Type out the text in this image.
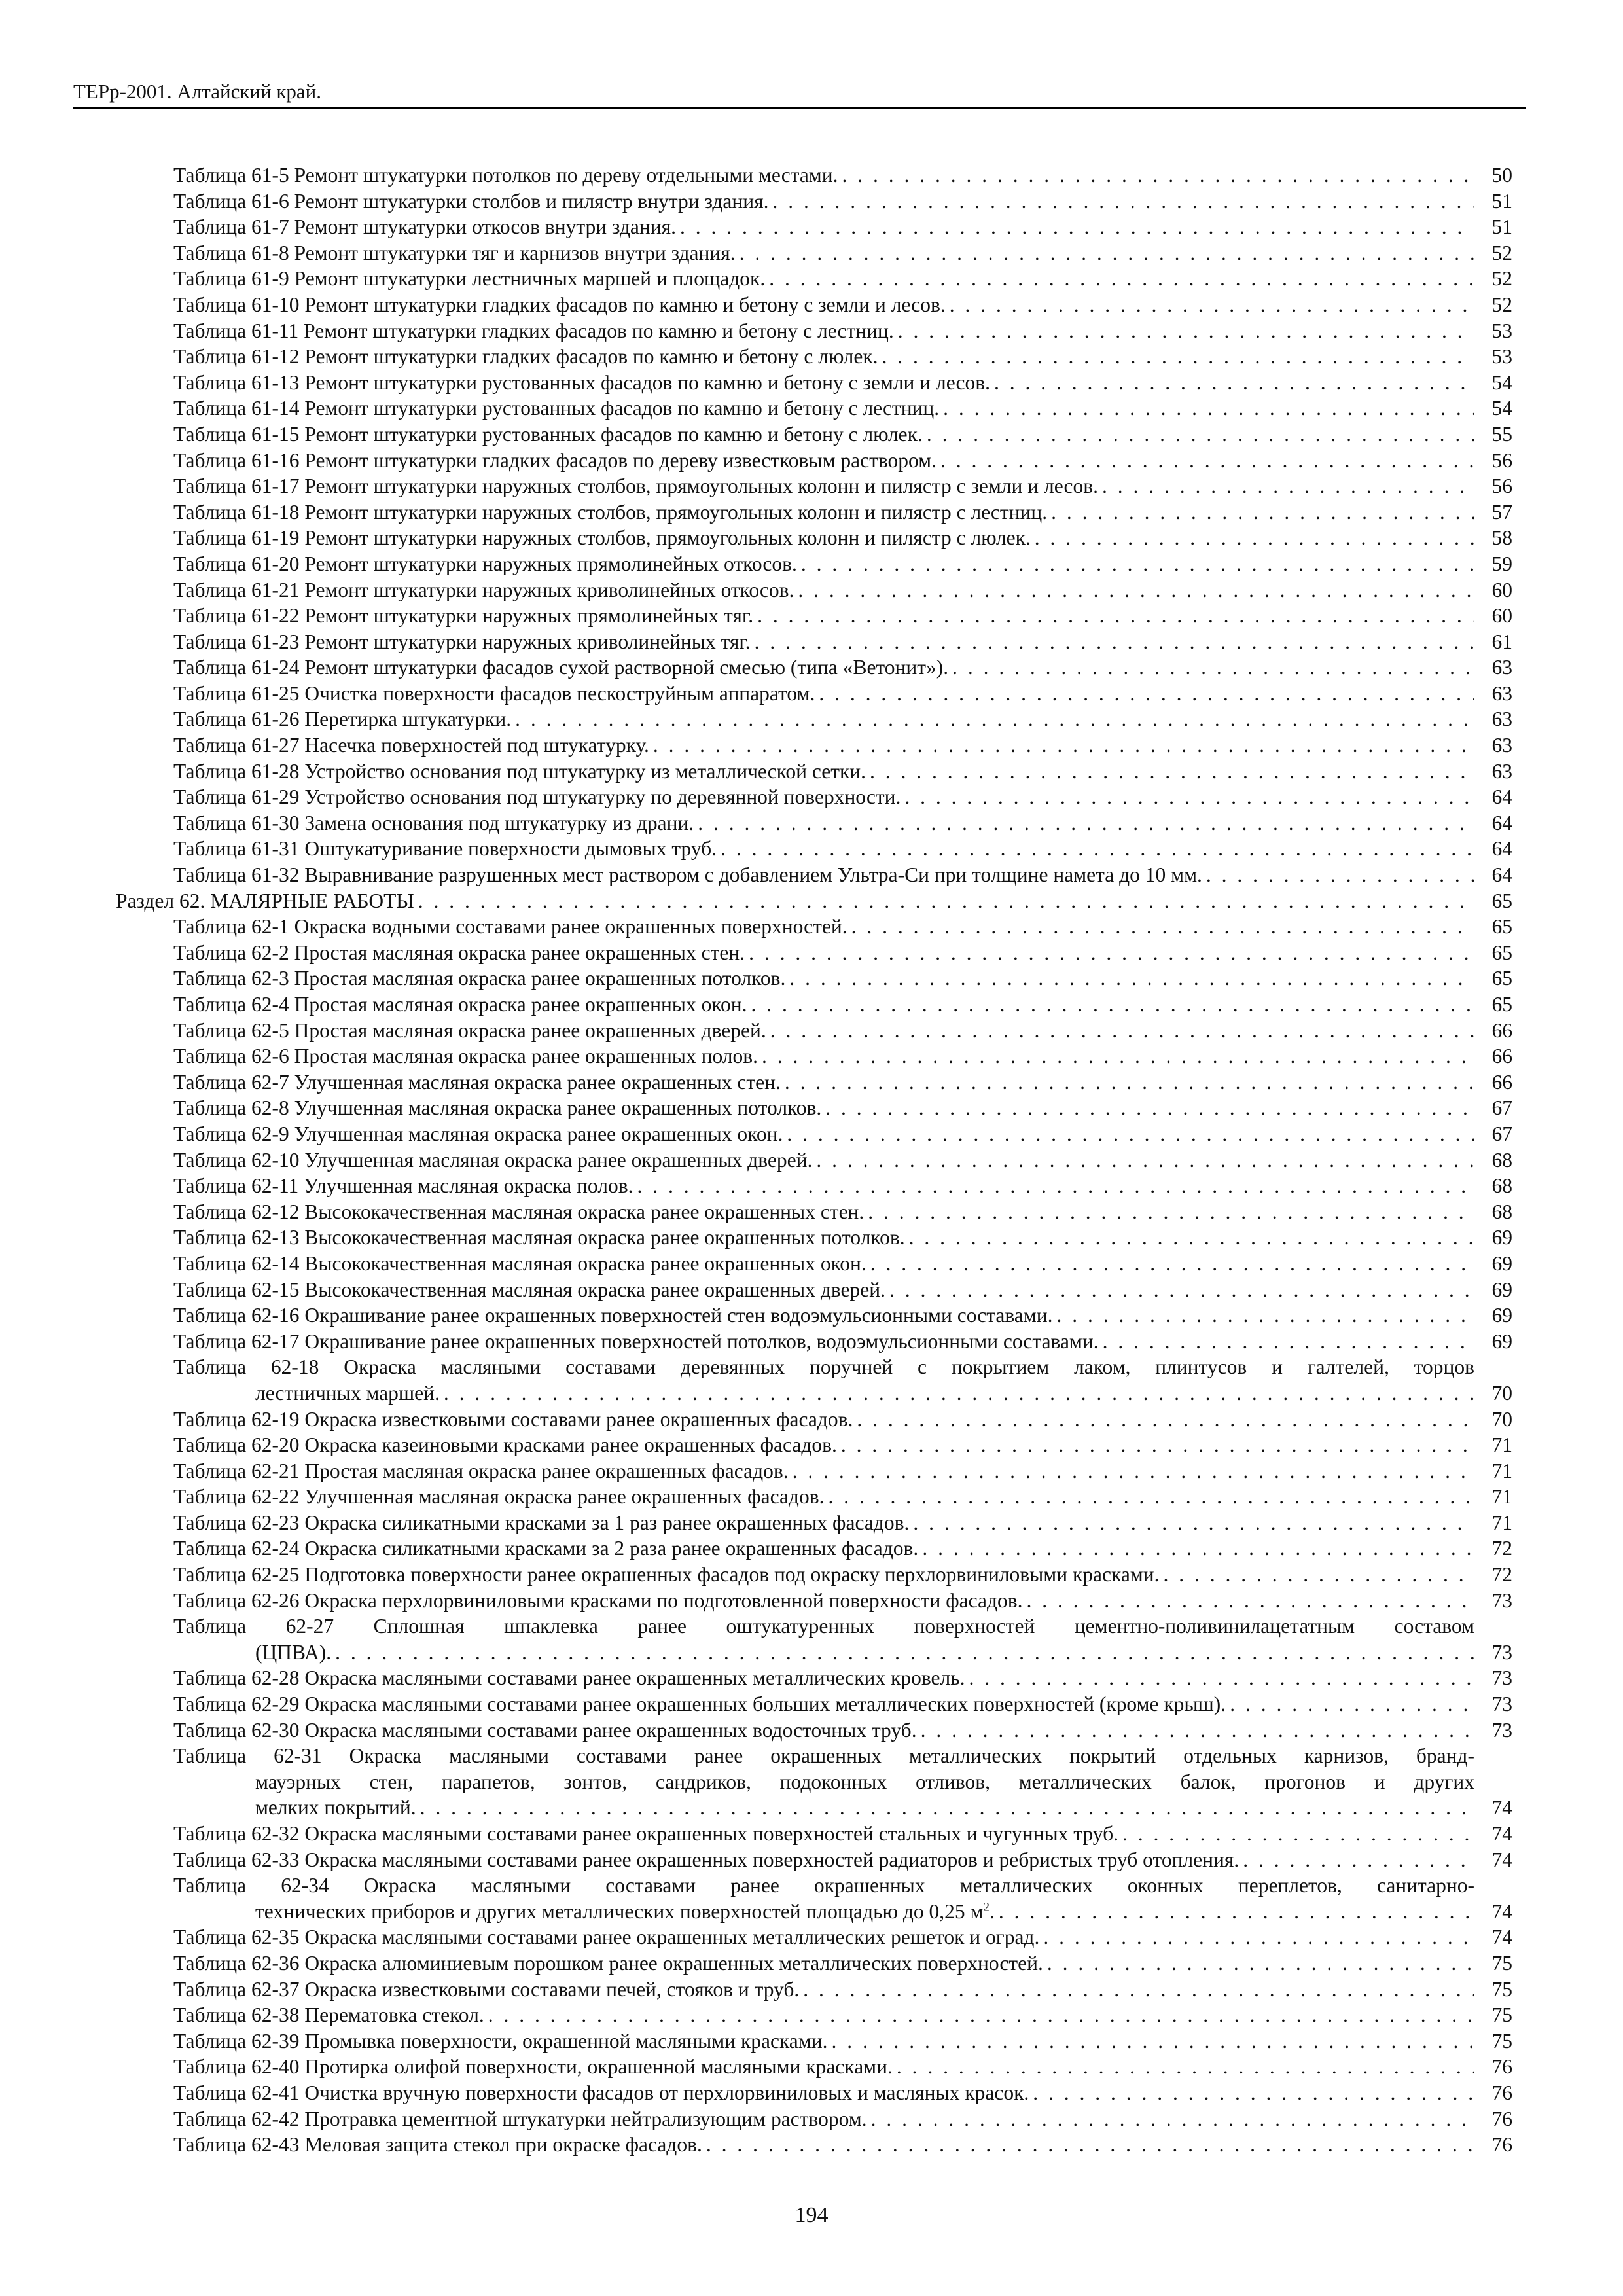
ТЕРр-2001. Алтайский край.
Таблица 61-5 Ремонт штукатурки потолков по дереву отдельными местами. . . .	50
Таблица 61-6 Ремонт штукатурки столбов и пилястр внутри здания. . . .	51
Таблица 61-7 Ремонт штукатурки откосов внутри здания. . . .	51
Таблица 61-8 Ремонт штукатурки тяг и карнизов внутри здания. . . .	52
Таблица 61-9 Ремонт штукатурки лестничных маршей и площадок. . . .	52
Таблица 61-10 Ремонт штукатурки гладких фасадов по камню и бетону с земли и лесов. . . .	52
Таблица 61-11 Ремонт штукатурки гладких фасадов по камню и бетону с лестниц. . . .	53
Таблица 61-12 Ремонт штукатурки гладких фасадов по камню и бетону с люлек. . . .	53
Таблица 61-13 Ремонт штукатурки рустованных фасадов по камню и бетону с земли и лесов. . . .	54
Таблица 61-14 Ремонт штукатурки рустованных фасадов по камню и бетону с лестниц. . . .	54
Таблица 61-15 Ремонт штукатурки рустованных фасадов по камню и бетону с люлек. . . .	55
Таблица 61-16 Ремонт штукатурки гладких фасадов по дереву известковым раствором. . . .	56
Таблица 61-17 Ремонт штукатурки наружных столбов, прямоугольных колонн и пилястр с земли и лесов. . . .	56
Таблица 61-18 Ремонт штукатурки наружных столбов, прямоугольных колонн и пилястр с лестниц. . . .	57
Таблица 61-19 Ремонт штукатурки наружных столбов, прямоугольных колонн и пилястр с люлек. . . .	58
Таблица 61-20 Ремонт штукатурки наружных прямолинейных откосов. . . .	59
Таблица 61-21 Ремонт штукатурки наружных криволинейных откосов. . . .	60
Таблица 61-22 Ремонт штукатурки наружных прямолинейных тяг. . . .	60
Таблица 61-23 Ремонт штукатурки наружных криволинейных тяг. . . .	61
Таблица 61-24 Ремонт штукатурки фасадов сухой растворной смесью (типа «Ветонит»). . . .	63
Таблица 61-25 Очистка поверхности фасадов пескоструйным аппаратом. . . .	63
Таблица 61-26 Перетирка штукатурки. . . .	63
Таблица 61-27 Насечка поверхностей под штукатурку. . . .	63
Таблица 61-28 Устройство основания под штукатурку из металлической сетки. . . .	63
Таблица 61-29 Устройство основания под штукатурку по деревянной поверхности. . . .	64
Таблица 61-30 Замена основания под штукатурку из драни. . . .	64
Таблица 61-31 Оштукатуривание поверхности дымовых труб. . . .	64
Таблица 61-32 Выравнивание разрушенных мест раствором с добавлением Ультра-Си при толщине намета до 10 мм. . . .	64
Раздел 62. МАЛЯРНЫЕ РАБОТЫ . . .	65
Таблица 62-1 Окраска водными составами ранее окрашенных поверхностей. . . .	65
Таблица 62-2 Простая масляная окраска ранее окрашенных стен. . . .	65
Таблица 62-3 Простая масляная окраска ранее окрашенных потолков. . . .	65
Таблица 62-4 Простая масляная окраска ранее окрашенных окон. . . .	65
Таблица 62-5 Простая масляная окраска ранее окрашенных дверей. . . .	66
Таблица 62-6 Простая масляная окраска ранее окрашенных полов. . . .	66
Таблица 62-7 Улучшенная масляная окраска ранее окрашенных стен. . . .	66
Таблица 62-8 Улучшенная масляная окраска ранее окрашенных потолков. . . .	67
Таблица 62-9 Улучшенная масляная окраска ранее окрашенных окон. . . .	67
Таблица 62-10 Улучшенная масляная окраска ранее окрашенных дверей. . . .	68
Таблица 62-11 Улучшенная масляная окраска полов. . . .	68
Таблица 62-12 Высококачественная масляная окраска ранее окрашенных стен. . . .	68
Таблица 62-13 Высококачественная масляная окраска ранее окрашенных потолков. . . .	69
Таблица 62-14 Высококачественная масляная окраска ранее окрашенных окон. . . .	69
Таблица 62-15 Высококачественная масляная окраска ранее окрашенных дверей. . . .	69
Таблица 62-16 Окрашивание ранее окрашенных поверхностей стен водоэмульсионными составами. . . .	69
Таблица 62-17 Окрашивание ранее окрашенных поверхностей потолков, водоэмульсионными составами. . . .	69
Таблица 62-18 Окраска масляными составами деревянных поручней с покрытием лаком, плинтусов и галтелей, торцов
лестничных маршей. . . .	70
Таблица 62-19 Окраска известковыми составами ранее окрашенных фасадов. . . .	70
Таблица 62-20 Окраска казеиновыми красками ранее окрашенных фасадов. . . .	71
Таблица 62-21 Простая масляная окраска ранее окрашенных фасадов. . . .	71
Таблица 62-22 Улучшенная масляная окраска ранее окрашенных фасадов. . . .	71
Таблица 62-23 Окраска силикатными красками за 1 раз ранее окрашенных фасадов. . . .	71
Таблица 62-24 Окраска силикатными красками за 2 раза ранее окрашенных фасадов. . . .	72
Таблица 62-25 Подготовка поверхности ранее окрашенных фасадов под окраску перхлорвиниловыми красками. . . .	72
Таблица 62-26 Окраска перхлорвиниловыми красками по подготовленной поверхности фасадов. . . .	73
Таблица 62-27 Сплошная шпаклевка ранее оштукатуренных поверхностей цементно-поливинилацетатным составом
(ЦПВА). . . .	73
Таблица 62-28 Окраска масляными составами ранее окрашенных металлических кровель. . . .	73
Таблица 62-29 Окраска масляными составами ранее окрашенных больших металлических поверхностей (кроме крыш). . . .	73
Таблица 62-30 Окраска масляными составами ранее окрашенных водосточных труб. . . .	73
Таблица 62-31 Окраска масляными составами ранее окрашенных металлических покрытий отдельных карнизов, бранд-
мауэрных стен, парапетов, зонтов, сандриков, подоконных отливов, металлических балок, прогонов и других
мелких покрытий. . . .	74
Таблица 62-32 Окраска масляными составами ранее окрашенных поверхностей стальных и чугунных труб. . . .	74
Таблица 62-33 Окраска масляными составами ранее окрашенных поверхностей радиаторов и ребристых труб отопления. . . .	74
Таблица 62-34 Окраска масляными составами ранее окрашенных металлических оконных переплетов, санитарно-
технических приборов и других металлических поверхностей площадью до 0,25 $м^2$. . . .	74
Таблица 62-35 Окраска масляными составами ранее окрашенных металлических решеток и оград. . . .	74
Таблица 62-36 Окраска алюминиевым порошком ранее окрашенных металлических поверхностей. . . .	75
Таблица 62-37 Окраска известковыми составами печей, стояков и труб. . . .	75
Таблица 62-38 Перематовка стекол. . . .	75
Таблица 62-39 Промывка поверхности, окрашенной масляными красками. . . .	75
Таблица 62-40 Протирка олифой поверхности, окрашенной масляными красками. . . .	76
Таблица 62-41 Очистка вручную поверхности фасадов от перхлорвиниловых и масляных красок. . . .	76
Таблица 62-42 Протравка цементной штукатурки нейтрализующим раствором. . . .	76
Таблица 62-43 Меловая защита стекол при окраске фасадов. . . .	76
194
